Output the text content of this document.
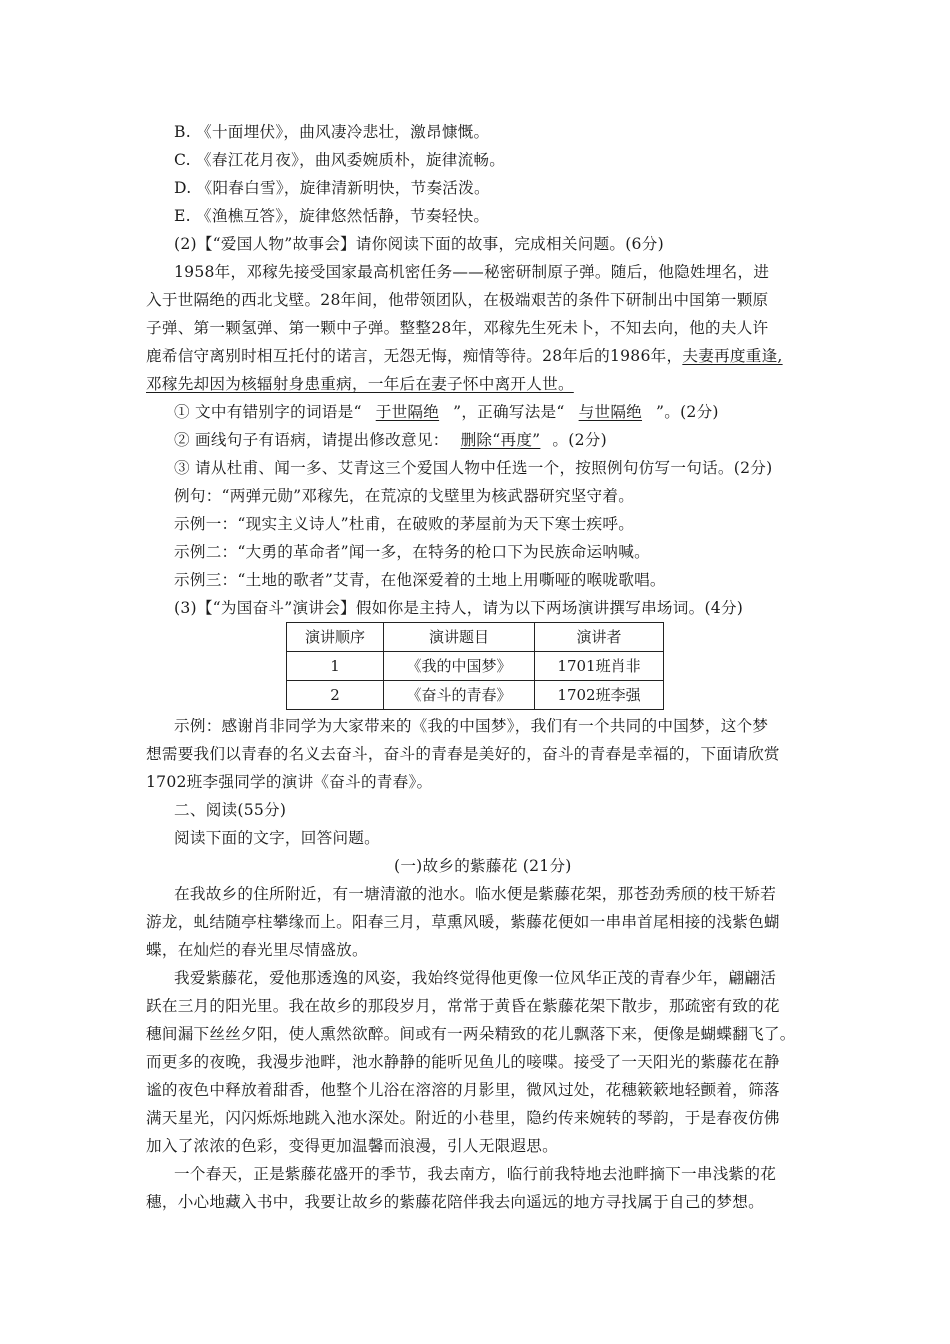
B. 《十面埋伏》，曲风凄冷悲壮，激昂慷慨。
C. 《春江花月夜》，曲风委婉质朴，旋律流畅。
D. 《阳春白雪》，旋律清新明快，节奏活泼。
E. 《渔樵互答》，旋律悠然恬静，节奏轻快。
(2)【“爱国人物”故事会】请你阅读下面的故事，完成相关问题。(6分)
1958年，邓稼先接受国家最高机密任务——秘密研制原子弹。随后，他隐姓埋名，进
入于世隔绝的西北戈壁。28年间，他带领团队，在极端艰苦的条件下研制出中国第一颗原
子弹、第一颗氢弹、第一颗中子弹。整整28年，邓稼先生死未卜，不知去向，他的夫人许
鹿希信守离别时相互托付的诺言，无怨无悔，痴情等待。28年后的1986年，夫妻再度重逢,
邓稼先却因为核辐射身患重病，一年后在妻子怀中离开人世。
① 文中有错别字的词语是“ 于世隔绝 ”，正确写法是“ 与世隔绝 ”。(2分)
② 画线句子有语病，请提出修改意见： 删除“再度” 。(2分)
③ 请从杜甫、闻一多、艾青这三个爱国人物中任选一个，按照例句仿写一句话。(2分)
例句：“两弹元勋”邓稼先，在荒凉的戈壁里为核武器研究坚守着。
示例一：“现实主义诗人”杜甫，在破败的茅屋前为天下寒士疾呼。
示例二：“大勇的革命者”闻一多，在特务的枪口下为民族命运呐喊。
示例三：“土地的歌者”艾青，在他深爱着的土地上用嘶哑的喉咙歌唱。
(3)【“为国奋斗”演讲会】假如你是主持人，请为以下两场演讲撰写串场词。(4分)
演讲顺序	演讲题目	演讲者
1	《我的中国梦》	1701班肖非
2	《奋斗的青春》	1702班李强
示例：感谢肖非同学为大家带来的《我的中国梦》，我们有一个共同的中国梦，这个梦
想需要我们以青春的名义去奋斗，奋斗的青春是美好的，奋斗的青春是幸福的，下面请欣赏
1702班李强同学的演讲《奋斗的青春》。
二、阅读(55分)
阅读下面的文字，回答问题。
(一)故乡的紫藤花 (21分)
在我故乡的住所附近，有一塘清澈的池水。临水便是紫藤花架，那苍劲秀颀的枝干矫若
游龙，虬结随亭柱攀缘而上。阳春三月，草熏风暖，紫藤花便如一串串首尾相接的浅紫色蝴
蝶，在灿烂的春光里尽情盛放。
我爱紫藤花，爱他那透逸的风姿，我始终觉得他更像一位风华正茂的青春少年，翩翩活
跃在三月的阳光里。我在故乡的那段岁月，常常于黄昏在紫藤花架下散步，那疏密有致的花
穗间漏下丝丝夕阳，使人熏然欲醉。间或有一两朵精致的花儿飘落下来，便像是蝴蝶翻飞了。
而更多的夜晚，我漫步池畔，池水静静的能听见鱼儿的唼喋。接受了一天阳光的紫藤花在静
谧的夜色中释放着甜香，他整个儿浴在溶溶的月影里，微风过处，花穗簌簌地轻颤着，筛落
满天星光，闪闪烁烁地跳入池水深处。附近的小巷里，隐约传来婉转的琴韵，于是春夜仿佛
加入了浓浓的色彩，变得更加温馨而浪漫，引人无限遐思。
一个春天，正是紫藤花盛开的季节，我去南方，临行前我特地去池畔摘下一串浅紫的花
穗，小心地藏入书中，我要让故乡的紫藤花陪伴我去向遥远的地方寻找属于自己的梦想。
